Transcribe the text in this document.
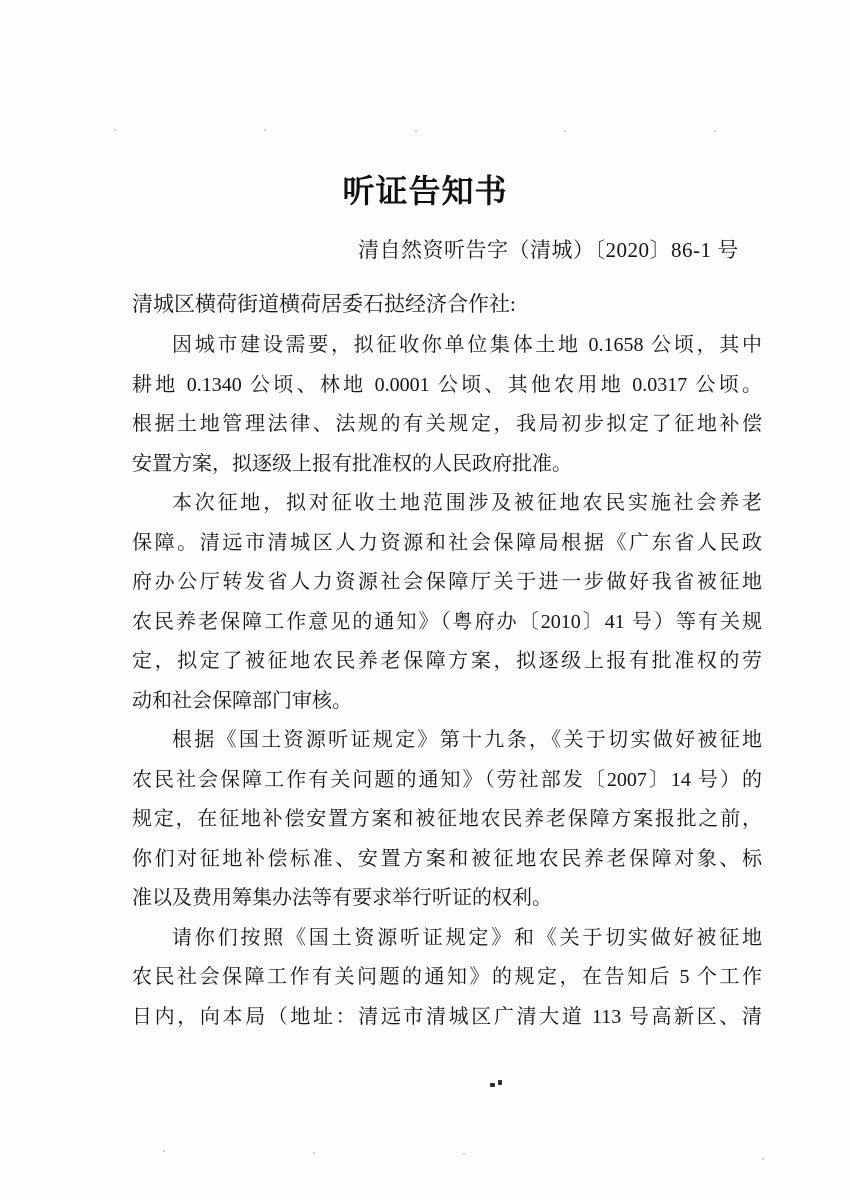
听证告知书
清自然资听告字（清城）〔2020〕86-1 号
清城区横荷街道横荷居委石挞经济合作社:
因城市建设需要，拟征收你单位集体土地 0.1658 公顷，其中
耕地 0.1340 公顷、林地 0.0001 公顷、其他农用地 0.0317 公顷。
根据土地管理法律、法规的有关规定，我局初步拟定了征地补偿
安置方案，拟逐级上报有批准权的人民政府批准。
本次征地，拟对征收土地范围涉及被征地农民实施社会养老
保障。清远市清城区人力资源和社会保障局根据《广东省人民政
府办公厅转发省人力资源社会保障厅关于进一步做好我省被征地
农民养老保障工作意见的通知》（粤府办〔2010〕41 号）等有关规
定，拟定了被征地农民养老保障方案，拟逐级上报有批准权的劳
动和社会保障部门审核。
根据《国土资源听证规定》第十九条，《关于切实做好被征地
农民社会保障工作有关问题的通知》（劳社部发〔2007〕14 号）的
规定，在征地补偿安置方案和被征地农民养老保障方案报批之前，
你们对征地补偿标准、安置方案和被征地农民养老保障对象、标
准以及费用筹集办法等有要求举行听证的权利。
请你们按照《国土资源听证规定》和《关于切实做好被征地
农民社会保障工作有关问题的通知》的规定，在告知后 5 个工作
日内，向本局（地址：清远市清城区广清大道 113 号高新区、清
